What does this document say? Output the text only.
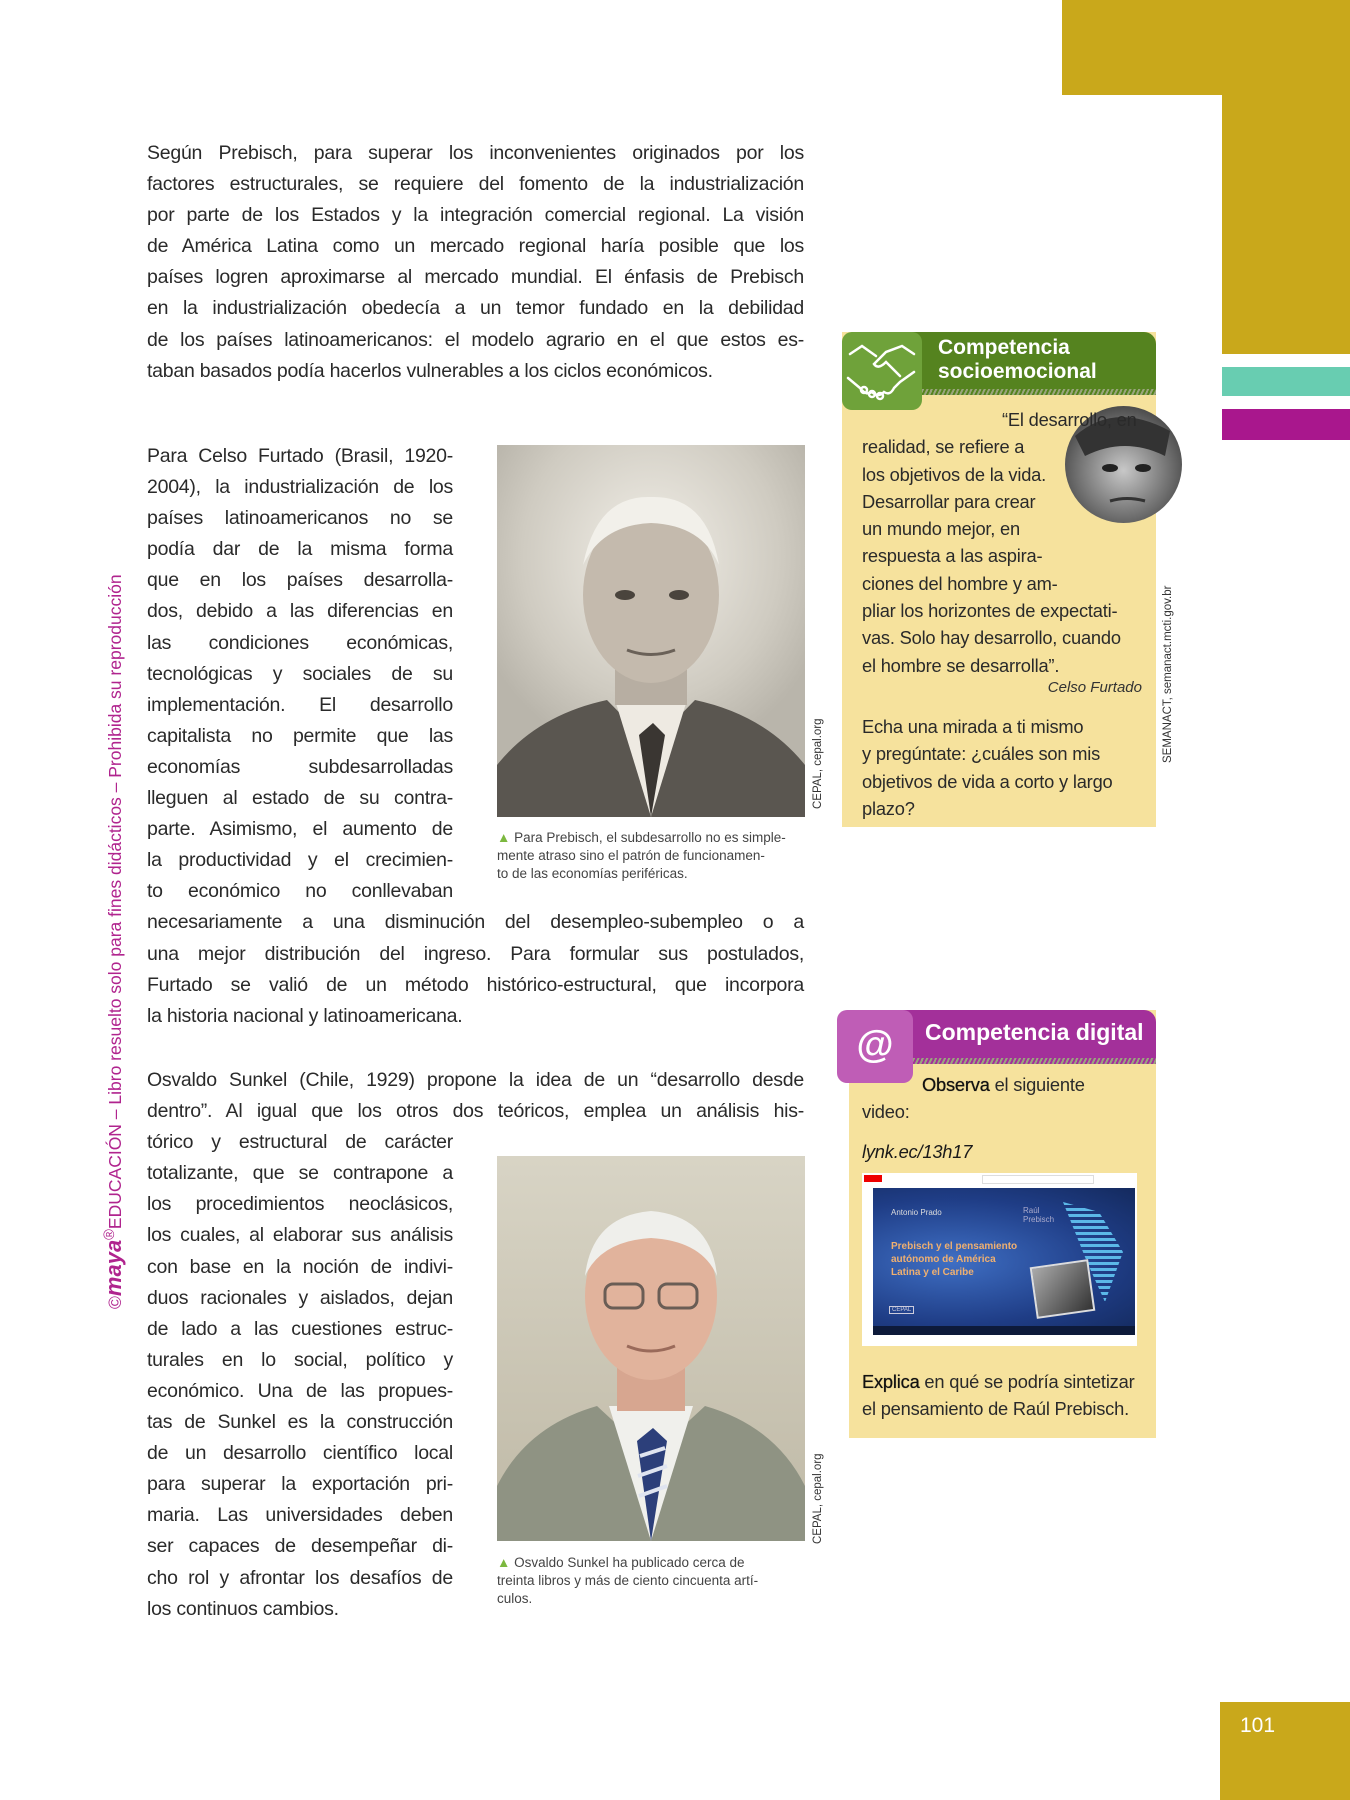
101
©maya®EDUCACIÓN – Libro resuelto solo para fines didácticos – Prohibida su reproducción
Según Prebisch, para superar los inconvenientes originados por los
factores estructurales, se requiere del fomento de la industrialización
por parte de los Estados y la integración comercial regional. La visión
de América Latina como un mercado regional haría posible que los
países logren aproximarse al mercado mundial. El énfasis de Prebisch
en la industrialización obedecía a un temor fundado en la debilidad
de los países latinoamericanos: el modelo agrario en el que estos es-
taban basados podía hacerlos vulnerables a los ciclos económicos.
Para Celso Furtado (Brasil, 1920-
2004), la industrialización de los
países latinoamericanos no se
podía dar de la misma forma
que en los países desarrolla-
dos, debido a las diferencias en
las condiciones económicas,
tecnológicas y sociales de su
implementación. El desarrollo
capitalista no permite que las
economías subdesarrolladas
lleguen al estado de su contra-
parte. Asimismo, el aumento de
la productividad y el crecimien-
to económico no conllevaban
necesariamente a una disminución del desempleo-subempleo o a
una mejor distribución del ingreso. Para formular sus postulados,
Furtado se valió de un método histórico-estructural, que incorpora
la historia nacional y latinoamericana.
Osvaldo Sunkel (Chile, 1929) propone la idea de un “desarrollo desde
dentro”. Al igual que los otros dos teóricos, emplea un análisis his-
tórico y estructural de carácter
totalizante, que se contrapone a
los procedimientos neoclásicos,
los cuales, al elaborar sus análisis
con base en la noción de indivi-
duos racionales y aislados, dejan
de lado a las cuestiones estruc-
turales en lo social, político y
económico. Una de las propues-
tas de Sunkel es la construcción
de un desarrollo científico local
para superar la exportación pri-
maria. Las universidades deben
ser capaces de desempeñar di-
cho rol y afrontar los desafíos de
los continuos cambios.
CEPAL, cepal.org
▲ Para Prebisch, el subdesarrollo no es simple-
mente atraso sino el patrón de funcionamen-
to de las economías periféricas.
CEPAL, cepal.org
▲ Osvaldo Sunkel ha publicado cerca de
treinta libros y más de ciento cincuenta artí-
culos.
Competencia
socioemocional
“El desarrollo, en
realidad, se refiere a
los objetivos de la vida.
Desarrollar para crear
un mundo mejor, en
respuesta a las aspira-
ciones del hombre y am-
pliar los horizontes de expectati-
vas. Solo hay desarrollo, cuando
el hombre se desarrolla”.
Celso Furtado
Echa una mirada a ti mismo
y pregúntate: ¿cuáles son mis
objetivos de vida a corto y largo
plazo?
SEMANACT, semanact.mcti.gov.br
@	Competencia digital
Observa el siguiente
video:
lynk.ec/13h17
Antonio Prado	Raúl
Prebisch
Prebisch y el pensamiento
autónomo de América
Latina y el Caribe
CEPAL
Explica en qué se podría sintetizar
el pensamiento de Raúl Prebisch.
